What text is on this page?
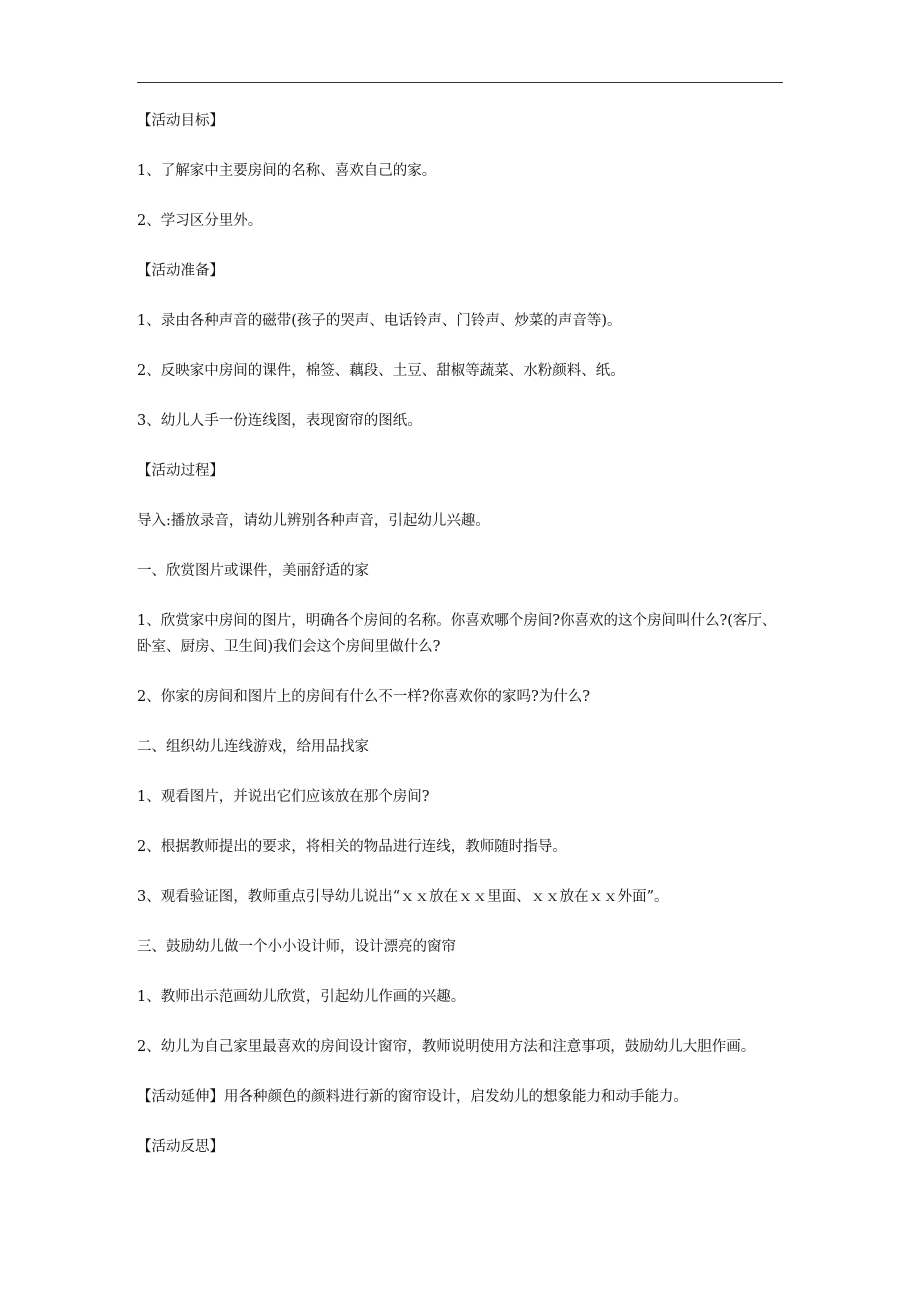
【活动目标】

1、了解家中主要房间的名称、喜欢自己的家。

2、学习区分里外。

【活动准备】

1、录由各种声音的磁带(孩子的哭声、电话铃声、门铃声、炒菜的声音等)。

2、反映家中房间的课件，棉签、藕段、土豆、甜椒等蔬菜、水粉颜料、纸。

3、幼儿人手一份连线图，表现窗帘的图纸。

【活动过程】

导入:播放录音，请幼儿辨别各种声音，引起幼儿兴趣。

一、欣赏图片或课件，美丽舒适的家

1、欣赏家中房间的图片，明确各个房间的名称。你喜欢哪个房间?你喜欢的这个房间叫什么?(客厅、卧室、厨房、卫生间)我们会这个房间里做什么?

2、你家的房间和图片上的房间有什么不一样?你喜欢你的家吗?为什么?

二、组织幼儿连线游戏，给用品找家

1、观看图片，并说出它们应该放在那个房间?

2、根据教师提出的要求，将相关的物品进行连线，教师随时指导。

3、观看验证图，教师重点引导幼儿说出“ｘｘ放在ｘｘ里面、ｘｘ放在ｘｘ外面”。

三、鼓励幼儿做一个小小设计师，设计漂亮的窗帘

1、教师出示范画幼儿欣赏，引起幼儿作画的兴趣。

2、幼儿为自己家里最喜欢的房间设计窗帘，教师说明使用方法和注意事项，鼓励幼儿大胆作画。

【活动延伸】用各种颜色的颜料进行新的窗帘设计，启发幼儿的想象能力和动手能力。

【活动反思】
